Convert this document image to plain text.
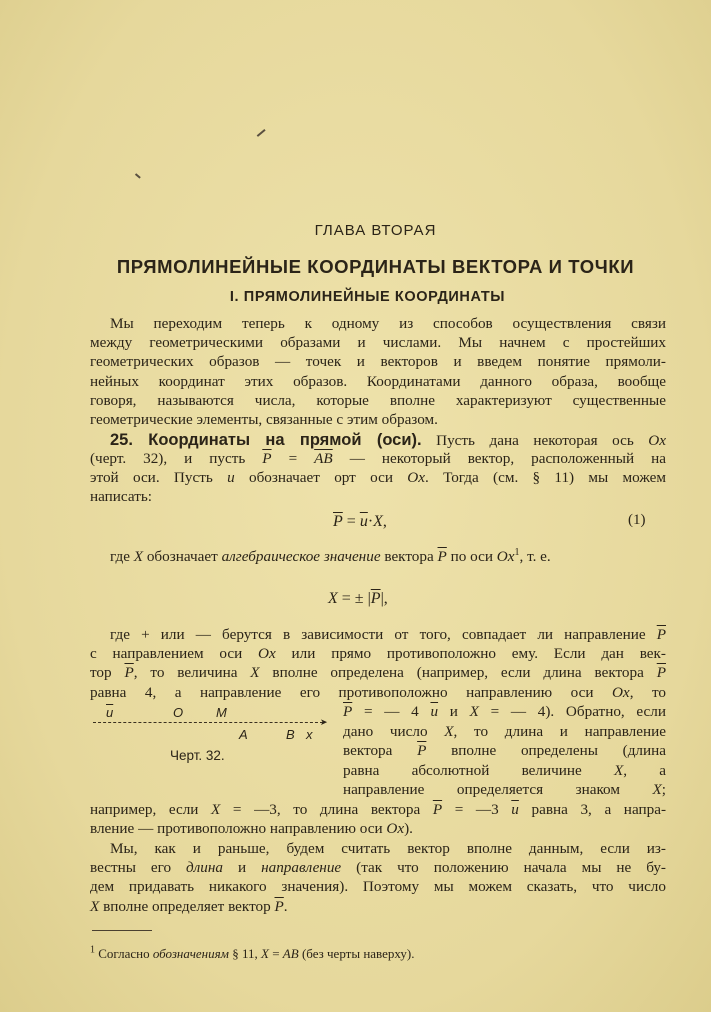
ГЛАВА ВТОРАЯ
ПРЯМОЛИНЕЙНЫЕ КООРДИНАТЫ ВЕКТОРА И ТОЧКИ
I. ПРЯМОЛИНЕЙНЫЕ КООРДИНАТЫ
Мы переходим теперь к одному из способов осуществления связи
между геометрическими образами и числами. Мы начнем с простейших
геометрических образов — точек и векторов и введем понятие прямоли-
нейных координат этих образов. Координатами данного образа, вообще
говоря, называются числа, которые вполне характеризуют существенные
геометрические элементы, связанные с этим образом.
25. Координаты на прямой (оси). Пусть дана некоторая ось Ox
(черт. 32), и пусть $\overline{P} = \overline{AB}$ — некоторый вектор, расположенный на
этой оси. Пусть u обозначает орт оси Ox. Тогда (см. § 11) мы можем
написать:
где X обозначает алгебраическое значение вектора $\overline{P}$ по оси Ox$^1$, т. е.
где + или — берутся в зависимости от того, совпадает ли направление $\overline{P}$
с направлением оси Ox или прямо противоположно ему. Если дан век-
тор $\overline{P}$, то величина X вполне определена (например, если длина вектора $\overline{P}$
равна 4, а направление его противоположно направлению оси Ox, то
$\overline{P}$ = — 4 $\overline{u}$ и X = — 4). Обратно, если
дано число X, то длина и направление
вектора $\overline{P}$ вполне определены (длина
равна абсолютной величине X, а
направление определяется знаком X;
например, если X = —3, то длина вектора $\overline{P}$ = —3 $\overline{u}$ равна 3, а напра-
вление — противоположно направлению оси Ox).
Мы, как и раньше, будем считать вектор вполне данным, если из-
вестны его длина и направление (так что положению начала мы не бу-
дем придавать никакого значения). Поэтому мы можем сказать, что число
X вполне определяет вектор $\overline{P}$.
$\overline{P} = \overline{u}\cdot X$,	(1)
X = ± $|\overline{P}|$,
$\overline{u}$	O	M
➤
A	B x
Черт. 32.
$^1$ Согласно обозначениям § 11, X = AB (без черты наверху).
